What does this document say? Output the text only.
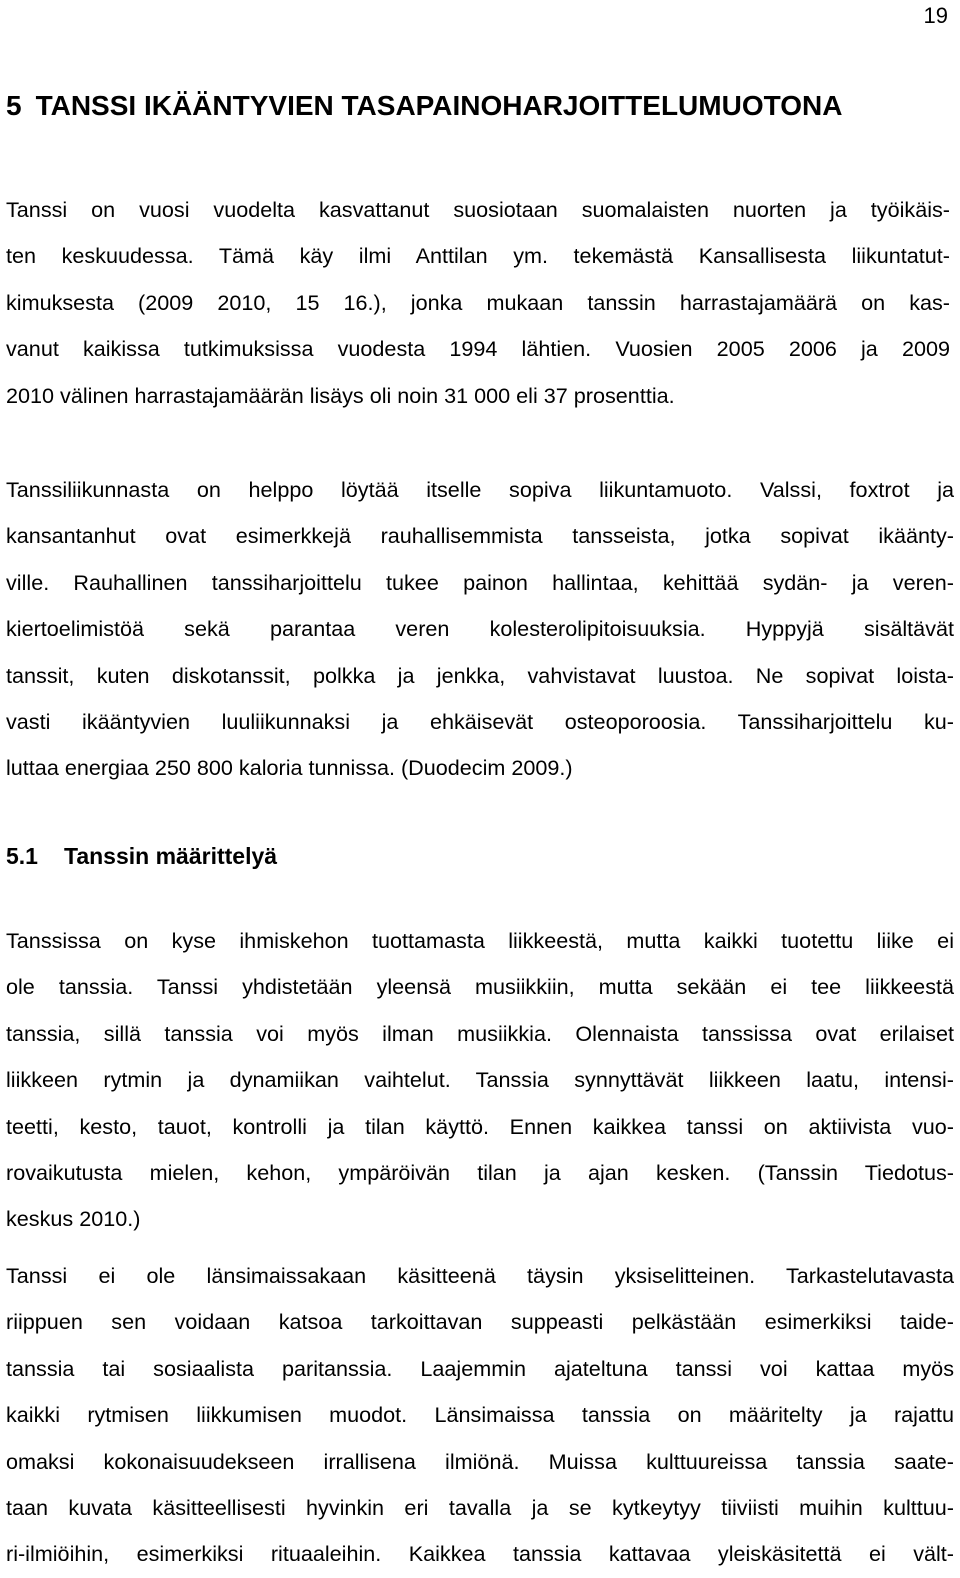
19
5 TANSSI IKÄÄNTYVIEN TASAPAINOHARJOITTELUMUOTONA

Tanssi on vuosi vuodelta kasvattanut suosiotaan suomalaisten nuorten ja työikäis-
ten keskuudessa. Tämä käy ilmi Anttilan ym. tekemästä Kansallisesta liikuntatut-
kimuksesta (2009 2010, 15 16.), jonka mukaan tanssin harrastajamäärä on kas-
vanut kaikissa tutkimuksissa vuodesta 1994 lähtien. Vuosien 2005 2006 ja 2009
2010 välinen harrastajamäärän lisäys oli noin 31 000 eli 37 prosenttia.

Tanssiliikunnasta on helppo löytää itselle sopiva liikuntamuoto. Valssi, foxtrot ja
kansantanhut ovat esimerkkejä rauhallisemmista tansseista, jotka sopivat ikäänty-
ville. Rauhallinen tanssiharjoittelu tukee painon hallintaa, kehittää sydän- ja veren-
kiertoelimistöä sekä parantaa veren kolesterolipitoisuuksia. Hyppyjä sisältävät
tanssit, kuten diskotanssit, polkka ja jenkka, vahvistavat luustoa. Ne sopivat loista-
vasti ikääntyvien luuliikunnaksi ja ehkäisevät osteoporoosia. Tanssiharjoittelu ku-
luttaa energiaa 250 800 kaloria tunnissa. (Duodecim 2009.)

5.1 Tanssin määrittelyä

Tanssissa on kyse ihmiskehon tuottamasta liikkeestä, mutta kaikki tuotettu liike ei
ole tanssia. Tanssi yhdistetään yleensä musiikkiin, mutta sekään ei tee liikkeestä
tanssia, sillä tanssia voi myös ilman musiikkia. Olennaista tanssissa ovat erilaiset
liikkeen rytmin ja dynamiikan vaihtelut. Tanssia synnyttävät liikkeen laatu, intensi-
teetti, kesto, tauot, kontrolli ja tilan käyttö. Ennen kaikkea tanssi on aktiivista vuo-
rovaikutusta mielen, kehon, ympäröivän tilan ja ajan kesken. (Tanssin Tiedotus-
keskus 2010.)

Tanssi ei ole länsimaissakaan käsitteenä täysin yksiselitteinen. Tarkastelutavasta
riippuen sen voidaan katsoa tarkoittavan suppeasti pelkästään esimerkiksi taide-
tanssia tai sosiaalista paritanssia. Laajemmin ajateltuna tanssi voi kattaa myös
kaikki rytmisen liikkumisen muodot. Länsimaissa tanssia on määritelty ja rajattu
omaksi kokonaisuudekseen irrallisena ilmiönä. Muissa kulttuureissa tanssia saate-
taan kuvata käsitteellisesti hyvinkin eri tavalla ja se kytkeytyy tiiviisti muihin kulttuu-
ri-ilmiöihin, esimerkiksi rituaaleihin. Kaikkea tanssia kattavaa yleiskäsitettä ei vält-
